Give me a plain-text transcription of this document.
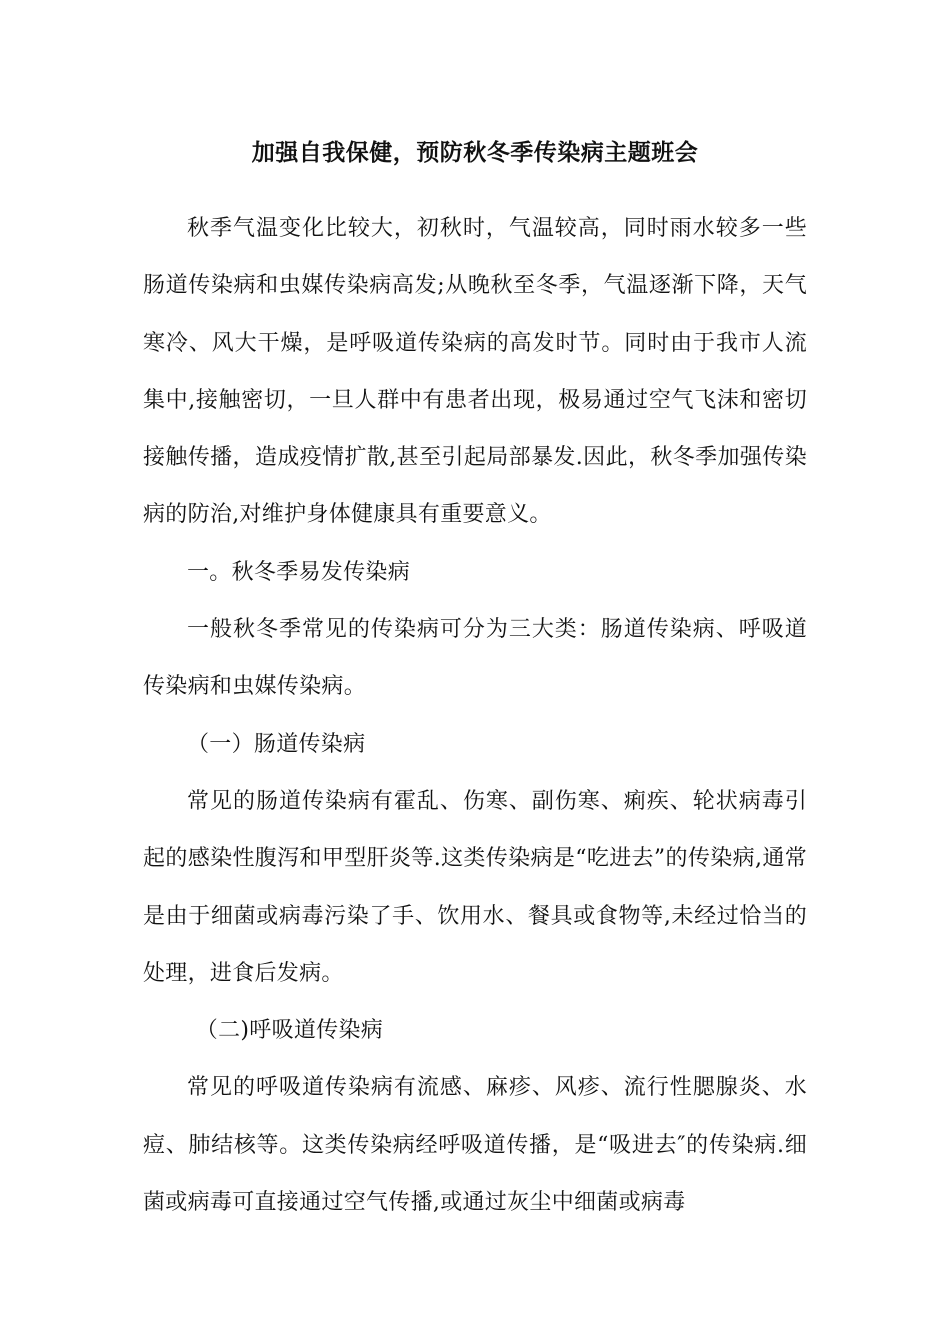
加强自我保健，预防秋冬季传染病主题班会

秋季气温变化比较大，初秋时，气温较高，同时雨水较多一些肠道传染病和虫媒传染病高发;从晚秋至冬季，气温逐渐下降，天气寒冷、风大干燥，是呼吸道传染病的高发时节。同时由于我市人流集中,接触密切，一旦人群中有患者出现，极易通过空气飞沫和密切接触传播，造成疫情扩散,甚至引起局部暴发.因此，秋冬季加强传染病的防治,对维护身体健康具有重要意义。

一。秋冬季易发传染病

一般秋冬季常见的传染病可分为三大类：肠道传染病、呼吸道传染病和虫媒传染病。

（一）肠道传染病

常见的肠道传染病有霍乱、伤寒、副伤寒、痢疾、轮状病毒引起的感染性腹泻和甲型肝炎等.这类传染病是“吃进去”的传染病,通常是由于细菌或病毒污染了手、饮用水、餐具或食物等,未经过恰当的处理，进食后发病。

（二)呼吸道传染病

常见的呼吸道传染病有流感、麻疹、风疹、流行性腮腺炎、水痘、肺结核等。这类传染病经呼吸道传播，是“吸进去″的传染病.细菌或病毒可直接通过空气传播,或通过灰尘中细菌或病毒
